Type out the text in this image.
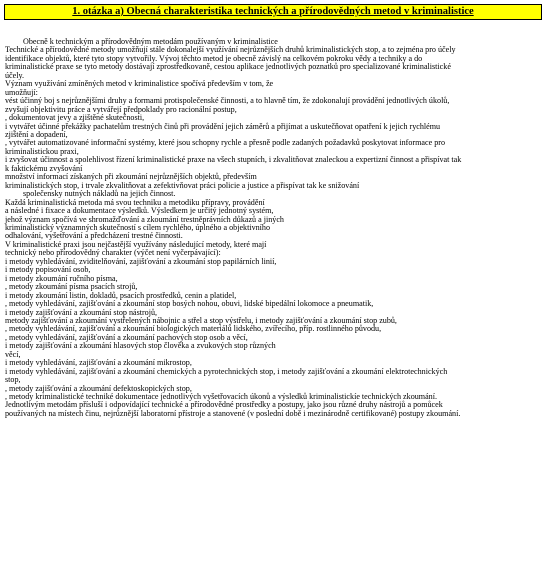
1. otázka a) Obecná charakteristika technických a přírodovědných metod v kriminalistice
Obecně k technickým a přírodovědným metodám používaným v kriminalistice
Technické a přírodovědné metody umožňují stále dokonalejší využívání nejrůznějších druhů kriminalistických stop, a to zejména pro účely
identifikace objektů, které tyto stopy vytvořily. Vývoj těchto metod je obecně závislý na celkovém pokroku vědy a techniky a do
kriminalistické praxe se tyto metody dostávají zprostředkovaně, cestou aplikace jednotlivých poznatků pro specializované kriminalistické
účely.
Význam využívání zmíněných metod v kriminalistice spočívá především v tom, že
umožňují:
vést účinný boj s nejrůznějšími druhy a formami protispolečenské činnosti, a to hlavně tím, že zdokonalují provádění jednotlivých úkolů,
zvyšují objektivitu práce a vytvářejí předpoklady pro racionální postup,
, dokumentovat jevy a zjištěné skutečnosti,
i vytvářet účinné překážky pachatelům trestných činů při provádění jejich záměrů a přijímat a uskutečňovat opatření k jejich rychlému
zjištění a dopadení,
, vytvářet automatizované informační systémy, které jsou schopny rychle a přesně podle zadaných požadavků poskytovat informace pro
kriminalistickou praxi,
i zvyšovat účinnost a spolehlivost řízení kriminalistické praxe na všech stupních, i zkvalitňovat znaleckou a expertizní činnost a přispívat tak
k faktickému zvyšování
množství informací získaných při zkoumání nejrůznějších objektů, především
kriminalistických stop, i trvale zkvalitňovat a zefektivňovat práci policie a justice a přispívat tak ke snižování
společensky nutných nákladů na jejich činnost.
Každá kriminalistická metoda má svou techniku a metodiku přípravy, provádění
a následné i fixace a dokumentace výsledků. Výsledkem je určitý jednotný systém,
jehož význam spočívá ve shromažďování a zkoumání trestněprávních důkazů a jiných
kriminalistický významných skutečností s cílem rychlého, úplného a objektivního
odhalování, vyšetřování a předcházení trestné činnosti.
V kriminalistické praxi jsou nejčastější využívány následující metody, které mají
technický nebo přírodovědný charakter (výčet není vyčerpávající):
i metody vyhledávání, zviditelňování, zajišťování a zkoumání stop papilárních linií,
i metody popisování osob,
i metody zkoumání ručního písma,
, metody zkoumání písma psacích strojů,
i metody zkoumání listin, dokladů, psacích prostředků, cenin a platidel,
, metody vyhledávání, zajišťování a zkoumání stop bosých nohou, obuvi, lidské bipedální lokomoce a pneumatik,
i metody zajišťování a zkoumání stop nástrojů,
metody zajišťování a zkoumání vystřelených nábojnic a střel a stop výstřelu, i metody zajišťování a zkoumání stop zubů,
, metody vyhledávání, zajišťování a zkoumání biologických materiálů lidského, zvířecího, příp. rostlinného původu,
, metody vyhledávání, zajišťování a zkoumání pachových stop osob a věcí,
i metody zajišťování a zkoumání hlasových stop člověka a zvukových stop různých
věcí,
i metody vyhledávání, zajišťování a zkoumání mikrostop,
i metody vyhledávání, zajišťování a zkoumání chemických a pyrotechnických stop, i metody zajišťování a zkoumání elektrotechnických
stop,
, metody zajišťování a zkoumání defektoskopických stop,
, metody kriminalistické techniké dokumentace jednotlivých vyšetřovacích úkonů a výsledků kriminalistickíe technických zkoumání.
Jednotlivým metodám přísluší i odpovídající technické a přírodovědné prostředky a postupy, jako jsou různé druhy nástrojů a pomůcek
používaných na místech činu, nejrůznější laboratorní přístroje a stanovené (v poslední době i mezinárodně certifikované) postupy zkoumání.
